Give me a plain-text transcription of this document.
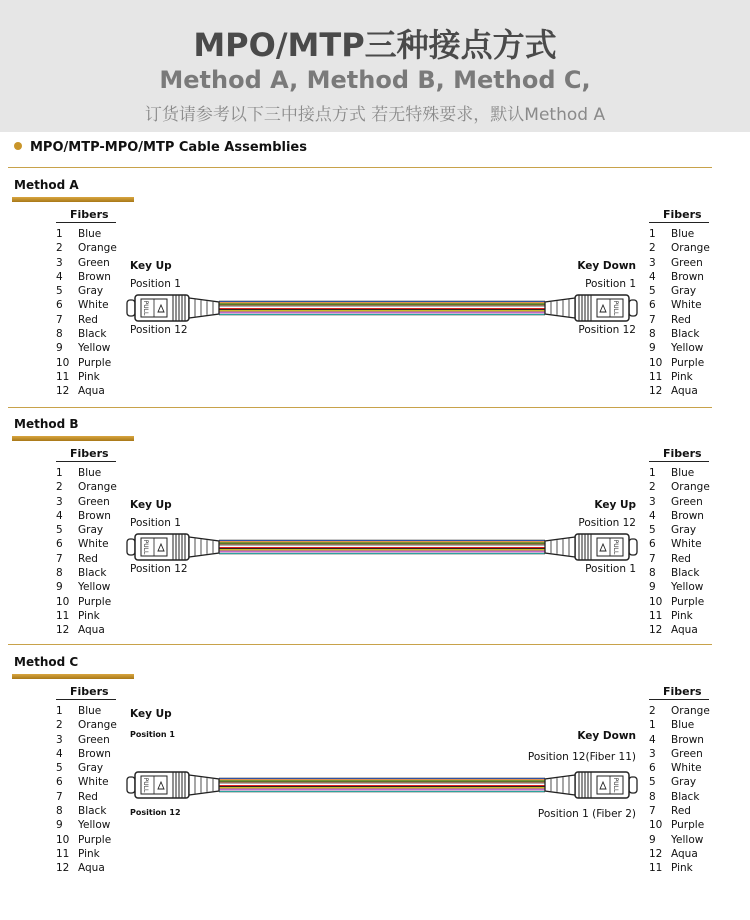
MPO/MTP三种接点方式
Method A, Method B, Method C,
订货请参考以下三中接点方式 若无特殊要求，默认Method A
MPO/MTP-MPO/MTP Cable Assemblies
Method A
Fibers
1 Blue
2 Orange
3 Green
4 Brown
5 Gray
6 White
7 Red
8 Black
9 Yellow
10 Purple
11 Pink
12 Aqua
Fibers
1 Blue
2 Orange
3 Green
4 Brown
5 Gray
6 White
7 Red
8 Black
9 Yellow
10 Purple
11 Pink
12 Aqua
Key Up
Position 1
Position 12
Key Down
Position 1
Position 12
PULL	PULL
Method B
Fibers
1 Blue
2 Orange
3 Green
4 Brown
5 Gray
6 White
7 Red
8 Black
9 Yellow
10 Purple
11 Pink
12 Aqua
Fibers
1 Blue
2 Orange
3 Green
4 Brown
5 Gray
6 White
7 Red
8 Black
9 Yellow
10 Purple
11 Pink
12 Aqua
Key Up
Position 1
Position 12
Key Up
Position 12
Position 1
PULL	PULL
Method C
Fibers
1 Blue
2 Orange
3 Green
4 Brown
5 Gray
6 White
7 Red
8 Black
9 Yellow
10 Purple
11 Pink
12 Aqua
Fibers
2 Orange
1 Blue
4 Brown
3 Green
6 White
5 Gray
8 Black
7 Red
10 Purple
9 Yellow
12 Aqua
11 Pink
Key Up
Position 1
Position 12
Key Down
Position 12(Fiber 11)
Position 1 (Fiber 2)
PULL	PULL
